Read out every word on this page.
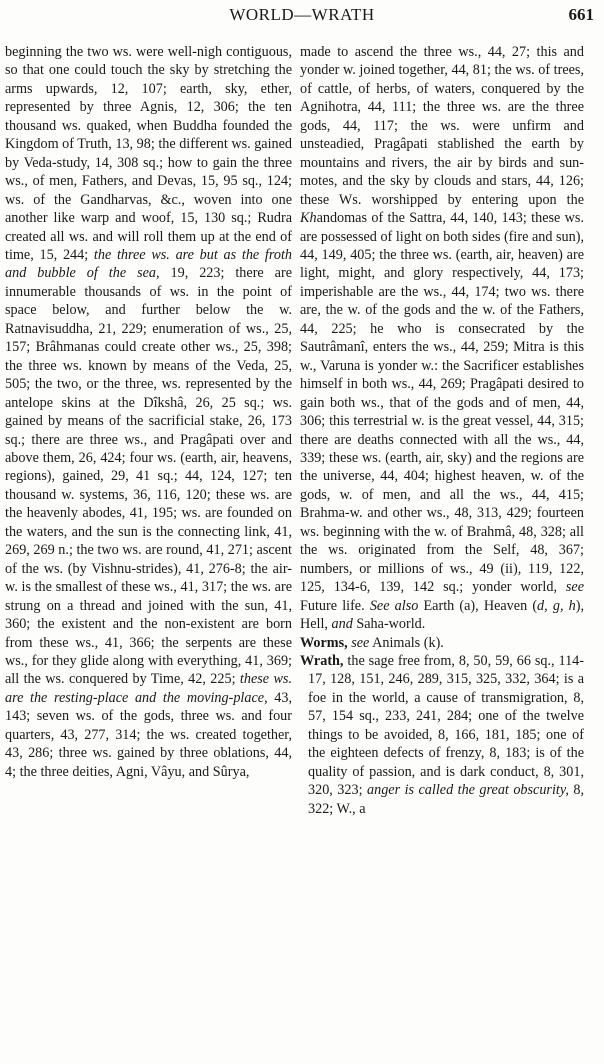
WORLD—WRATH	661

beginning the two ws. were well-nigh contiguous, so that one could touch the sky by stretching the arms upwards, 12, 107; earth, sky, ether, represented by three Agnis, 12, 306; the ten thousand ws. quaked, when Buddha founded the Kingdom of Truth, 13, 98; the different ws. gained by Veda-study, 14, 308 sq.; how to gain the three ws., of men, Fathers, and Devas, 15, 95 sq., 124; ws. of the Gandharvas, &c., woven into one another like warp and woof, 15, 130 sq.; Rudra created all ws. and will roll them up at the end of time, 15, 244; the three ws. are but as the froth and bubble of the sea, 19, 223; there are innumerable thousands of ws. in the point of space below, and further below the w. Ratnavisuddha, 21, 229; enumeration of ws., 25, 157; Brâhmanas could create other ws., 25, 398; the three ws. known by means of the Veda, 25, 505; the two, or the three, ws. represented by the antelope skins at the Dîkshâ, 26, 25 sq.; ws. gained by means of the sacrificial stake, 26, 173 sq.; there are three ws., and Pragâpati over and above them, 26, 424; four ws. (earth, air, heavens, regions), gained, 29, 41 sq.; 44, 124, 127; ten thousand w. systems, 36, 116, 120; these ws. are the heavenly abodes, 41, 195; ws. are founded on the waters, and the sun is the connecting link, 41, 269, 269 n.; the two ws. are round, 41, 271; ascent of the ws. (by Vishnu-strides), 41, 276-8; the air-w. is the smallest of these ws., 41, 317; the ws. are strung on a thread and joined with the sun, 41, 360; the existent and the non-existent are born from these ws., 41, 366; the serpents are these ws., for they glide along with everything, 41, 369; all the ws. conquered by Time, 42, 225; these ws. are the resting-place and the moving-place, 43, 143; seven ws. of the gods, three ws. and four quarters, 43, 277, 314; the ws. created together, 43, 286; three ws. gained by three oblations, 44, 4; the three deities, Agni, Vâyu, and Sûrya,

made to ascend the three ws., 44, 27; this and yonder w. joined together, 44, 81; the ws. of trees, of cattle, of herbs, of waters, conquered by the Agnihotra, 44, 111; the three ws. are the three gods, 44, 117; the ws. were unfirm and unsteadied, Pragâpati stablished the earth by mountains and rivers, the air by birds and sun-motes, and the sky by clouds and stars, 44, 126; these Ws. worshipped by entering upon the Khandomas of the Sattra, 44, 140, 143; these ws. are possessed of light on both sides (fire and sun), 44, 149, 405; the three ws. (earth, air, heaven) are light, might, and glory respectively, 44, 173; imperishable are the ws., 44, 174; two ws. there are, the w. of the gods and the w. of the Fathers, 44, 225; he who is consecrated by the Sautrâmanî, enters the ws., 44, 259; Mitra is this w., Varuna is yonder w.: the Sacrificer establishes himself in both ws., 44, 269; Pragâpati desired to gain both ws., that of the gods and of men, 44, 306; this terrestrial w. is the great vessel, 44, 315; there are deaths connected with all the ws., 44, 339; these ws. (earth, air, sky) and the regions are the universe, 44, 404; highest heaven, w. of the gods, w. of men, and all the ws., 44, 415; Brahma-w. and other ws., 48, 313, 429; fourteen ws. beginning with the w. of Brahmâ, 48, 328; all the ws. originated from the Self, 48, 367; numbers, or millions of ws., 49 (ii), 119, 122, 125, 134-6, 139, 142 sq.; yonder world, see Future life. See also Earth (a), Heaven (d, g, h), Hell, and Saha-world.

Worms, see Animals (k).

Wrath, the sage free from, 8, 50, 59, 66 sq., 114-17, 128, 151, 246, 289, 315, 325, 332, 364; is a foe in the world, a cause of transmigration, 8, 57, 154 sq., 233, 241, 284; one of the twelve things to be avoided, 8, 166, 181, 185; one of the eighteen defects of frenzy, 8, 183; is of the quality of passion, and is dark conduct, 8, 301, 320, 323; anger is called the great obscurity, 8, 322; W., a
